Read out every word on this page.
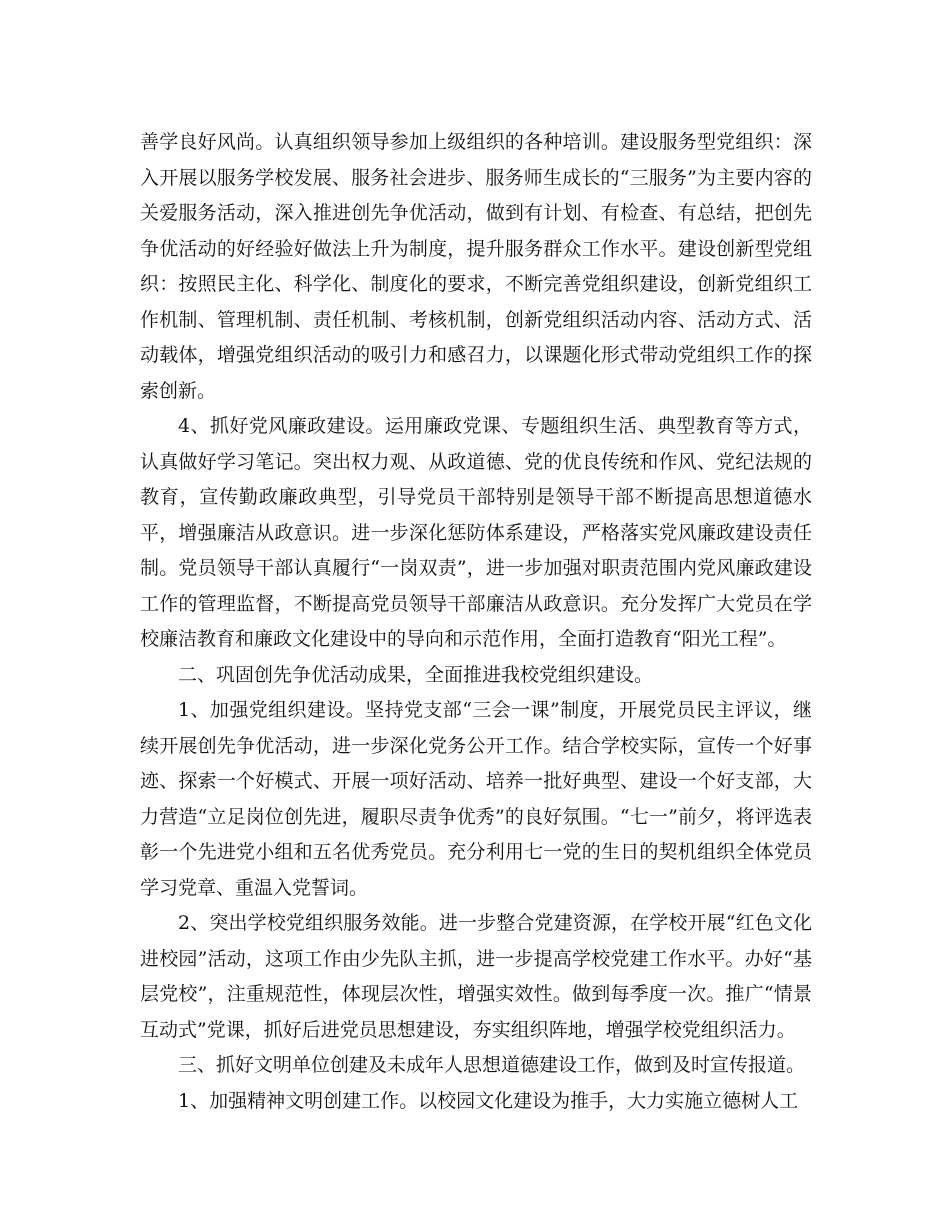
善学良好风尚。认真组织领导参加上级组织的各种培训。建设服务型党组织：深入开展以服务学校发展、服务社会进步、服务师生成长的“三服务”为主要内容的关爱服务活动，深入推进创先争优活动，做到有计划、有检查、有总结，把创先争优活动的好经验好做法上升为制度，提升服务群众工作水平。建设创新型党组织：按照民主化、科学化、制度化的要求，不断完善党组织建设，创新党组织工作机制、管理机制、责任机制、考核机制，创新党组织活动内容、活动方式、活动载体，增强党组织活动的吸引力和感召力，以课题化形式带动党组织工作的探索创新。

4、抓好党风廉政建设。运用廉政党课、专题组织生活、典型教育等方式，认真做好学习笔记。突出权力观、从政道德、党的优良传统和作风、党纪法规的教育，宣传勤政廉政典型，引导党员干部特别是领导干部不断提高思想道德水平，增强廉洁从政意识。进一步深化惩防体系建设，严格落实党风廉政建设责任制。党员领导干部认真履行“一岗双责”，进一步加强对职责范围内党风廉政建设工作的管理监督，不断提高党员领导干部廉洁从政意识。充分发挥广大党员在学校廉洁教育和廉政文化建设中的导向和示范作用，全面打造教育“阳光工程”。

二、巩固创先争优活动成果，全面推进我校党组织建设。

1、加强党组织建设。坚持党支部“三会一课”制度，开展党员民主评议，继续开展创先争优活动，进一步深化党务公开工作。结合学校实际，宣传一个好事迹、探索一个好模式、开展一项好活动、培养一批好典型、建设一个好支部，大力营造“立足岗位创先进，履职尽责争优秀”的良好氛围。“七一”前夕，将评选表彰一个先进党小组和五名优秀党员。充分利用七一党的生日的契机组织全体党员学习党章、重温入党誓词。

2、突出学校党组织服务效能。进一步整合党建资源，在学校开展“红色文化进校园”活动，这项工作由少先队主抓，进一步提高学校党建工作水平。办好“基层党校”，注重规范性，体现层次性，增强实效性。做到每季度一次。推广“情景互动式”党课，抓好后进党员思想建设，夯实组织阵地，增强学校党组织活力。

三、抓好文明单位创建及未成年人思想道德建设工作，做到及时宣传报道。

1、加强精神文明创建工作。以校园文化建设为推手，大力实施立德树人工
